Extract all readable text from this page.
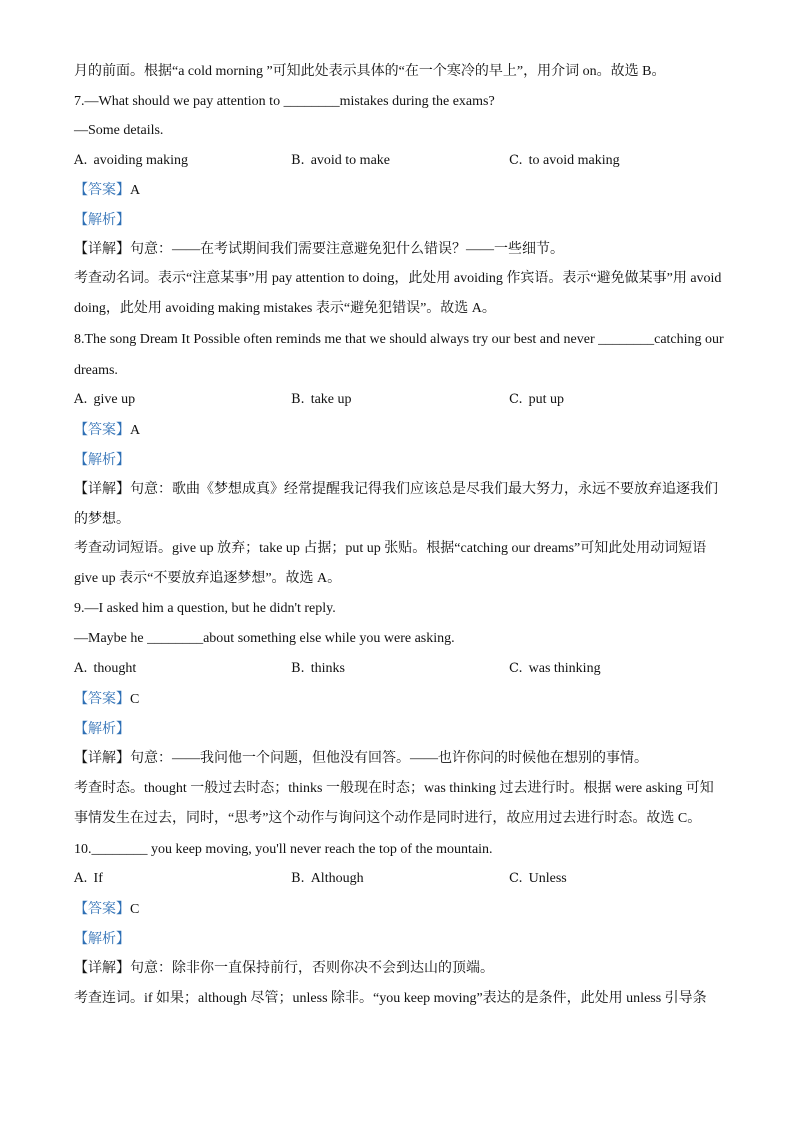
月的前面。根据“a cold morning ”可知此处表示具体的“在一个寒冷的早上”，用介词 on。故选 B。
7.—What should we pay attention to ________mistakes during the exams?
—Some details.
A. avoiding making	B. avoid to make	C. to avoid making
【答案】A
【解析】
【详解】句意：——在考试期间我们需要注意避免犯什么错误？——一些细节。
考查动名词。表示“注意某事”用 pay attention to doing，此处用 avoiding 作宾语。表示“避免做某事”用 avoid
doing，此处用 avoiding making mistakes 表示“避免犯错误”。故选 A。
8.The song Dream It Possible often reminds me that we should always try our best and never ________catching our
dreams.
A. give up	B. take up	C. put up
【答案】A
【解析】
【详解】句意：歌曲《梦想成真》经常提醒我记得我们应该总是尽我们最大努力，永远不要放弃追逐我们
的梦想。
考查动词短语。give up 放弃；take up 占据；put up 张贴。根据“catching our dreams”可知此处用动词短语
give up 表示“不要放弃追逐梦想”。故选 A。
9.—I asked him a question, but he didn't reply.
—Maybe he ________about something else while you were asking.
A. thought	B. thinks	C. was thinking
【答案】C
【解析】
【详解】句意：——我问他一个问题，但他没有回答。——也许你问的时候他在想别的事情。
考查时态。thought 一般过去时态；thinks 一般现在时态；was thinking 过去进行时。根据 were asking 可知
事情发生在过去，同时，“思考”这个动作与询问这个动作是同时进行，故应用过去进行时态。故选 C。
10.________ you keep moving, you'll never reach the top of the mountain.
A. If	B. Although	C. Unless
【答案】C
【解析】
【详解】句意：除非你一直保持前行，否则你决不会到达山的顶端。
考查连词。if 如果；although 尽管；unless 除非。“you keep moving”表达的是条件，此处用 unless 引导条
